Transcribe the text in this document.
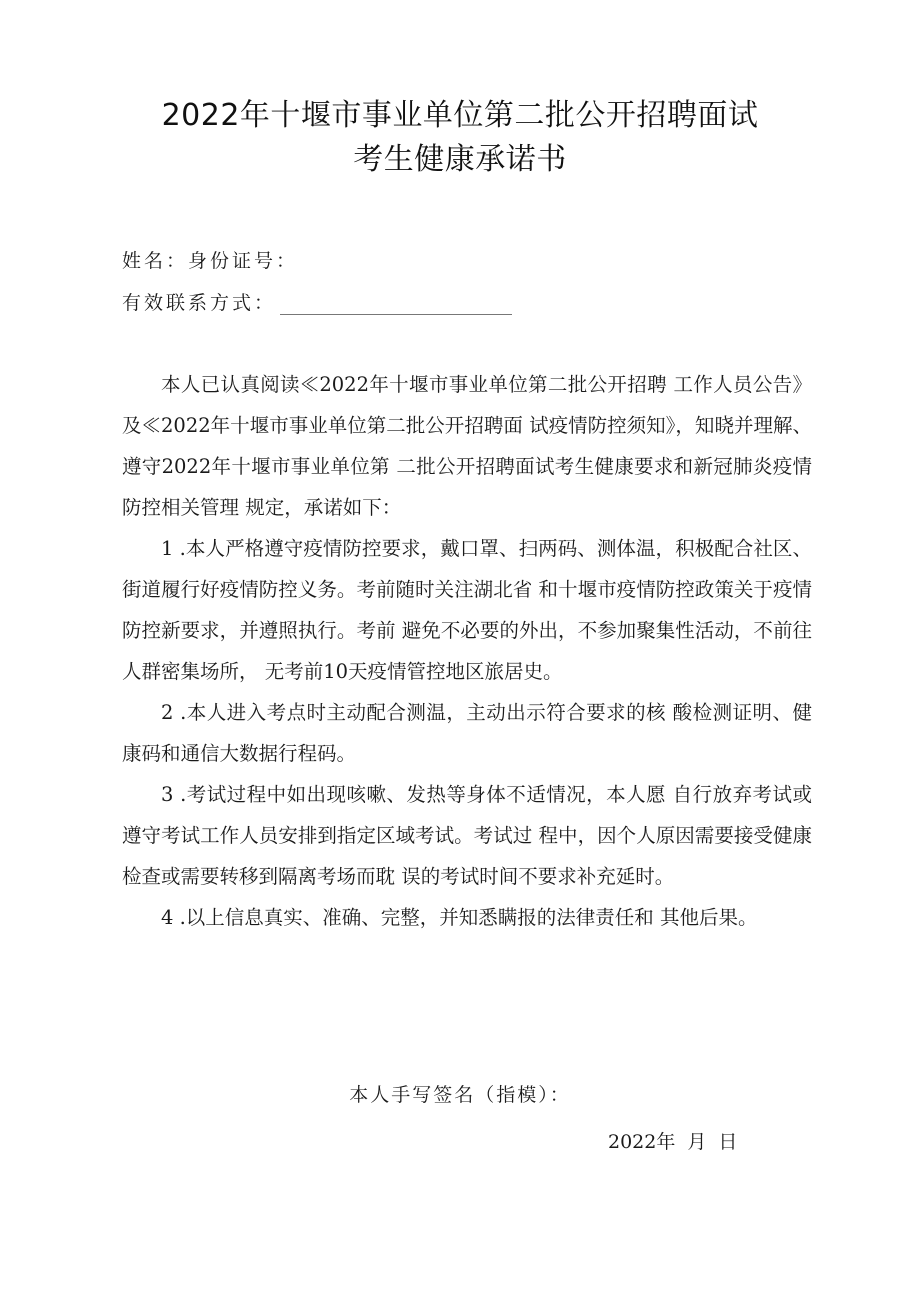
2022年十堰市事业单位第二批公开招聘面试
考生健康承诺书
姓名：身份证号：
有效联系方式：

本人已认真阅读≪2022年十堰市事业单位第二批公开招聘 工作人员公告》及≪2022年十堰市事业单位第二批公开招聘面 试疫情防控须知》，知晓并理解、遵守2022年十堰市事业单位第 二批公开招聘面试考生健康要求和新冠肺炎疫情防控相关管理 规定，承诺如下：

1 .本人严格遵守疫情防控要求，戴口罩、扫两码、测体温，积极配合社区、街道履行好疫情防控义务。考前随时关注湖北省 和十堰市疫情防控政策关于疫情防控新要求，并遵照执行。考前 避免不必要的外出，不参加聚集性活动，不前往人群密集场所， 无考前10天疫情管控地区旅居史。

2 .本人进入考点时主动配合测温，主动出示符合要求的核 酸检测证明、健康码和通信大数据行程码。

3 .考试过程中如出现咳嗽、发热等身体不适情况，本人愿 自行放弃考试或遵守考试工作人员安排到指定区域考试。考试过 程中，因个人原因需要接受健康检查或需要转移到隔离考场而耽 误的考试时间不要求补充延时。

4 .以上信息真实、准确、完整，并知悉瞒报的法律责任和 其他后果。

本人手写签名（指模）：
2022年 月 日
